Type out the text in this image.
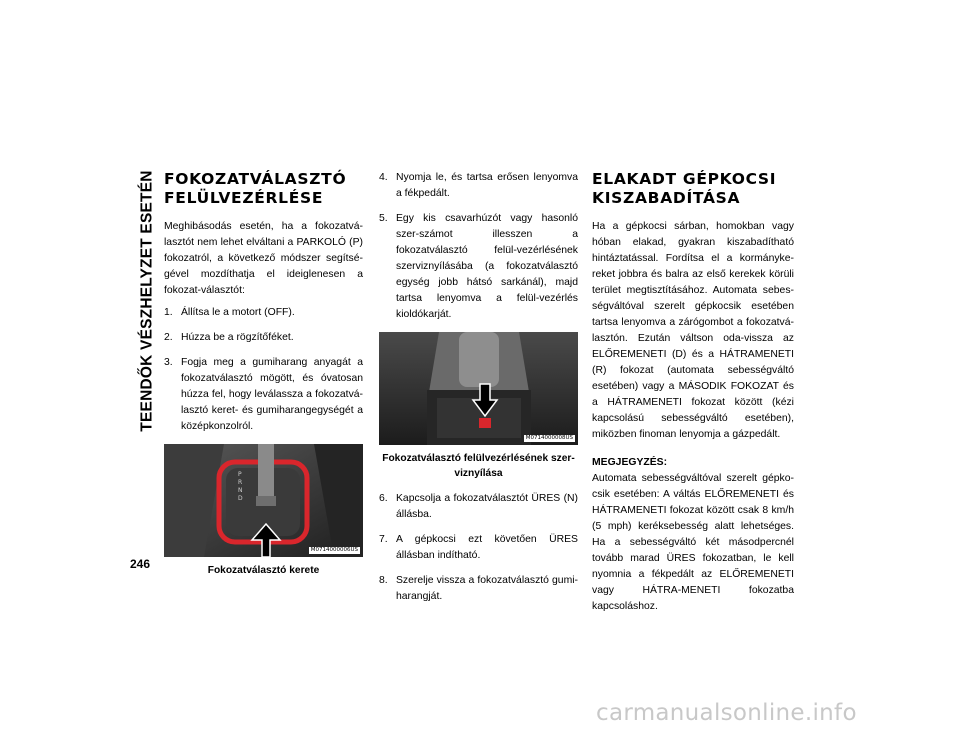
TEENDŐK VÉSZHELYZET ESETÉN
246
FOKOZATVÁLASZTÓ
FELÜLVEZÉRLÉSE

Meghibásodás esetén, ha a fokozatvá-lasztót nem lehet elváltani a PARKOLÓ (P) fokozatról, a következő módszer segítsé-gével mozdíthatja el ideiglenesen a fokozat-választót:

1. Állítsa le a motort (OFF).
2. Húzza be a rögzítőféket.
3. Fogja meg a gumiharang anyagát a fokozatválasztó mögött, és óvatosan húzza fel, hogy leválassza a fokozatvá-lasztó keret- és gumiharangegységét a középkonzolról.
P
R
N
D
M0714000006US
Fokozatválasztó kerete
4. Nyomja le, és tartsa erősen lenyomva a fékpedált.
5. Egy kis csavarhúzót vagy hasonló szer-számot illesszen a fokozatválasztó felül-vezérlésének szerviznyílásába (a fokozatválasztó egység jobb hátsó sarkánál), majd tartsa lenyomva a felül-vezérlés kioldókarját.
M0714000008US
Fokozatválasztó felülvezérlésének szer-viznyílása
6. Kapcsolja a fokozatválasztót ÜRES (N) állásba.
7. A gépkocsi ezt követően ÜRES állásban indítható.
8. Szerelje vissza a fokozatválasztó gumi-harangját.
ELAKADT GÉPKOCSI
KISZABADÍTÁSA

Ha a gépkocsi sárban, homokban vagy hóban elakad, gyakran kiszabadítható hintáztatással. Fordítsa el a kormányke-reket jobbra és balra az első kerekek körüli terület megtisztításához. Automata sebes-ségváltóval szerelt gépkocsik esetében tartsa lenyomva a zárógombot a fokozatvá-lasztón. Ezután váltson oda-vissza az ELŐREMENETI (D) és a HÁTRAMENETI (R) fokozat (automata sebességváltó esetében) vagy a MÁSODIK FOKOZAT és a HÁTRAMENETI fokozat között (kézi kapcsolású sebességváltó esetében), miközben finoman lenyomja a gázpedált.

MEGJEGYZÉS:

Automata sebességváltóval szerelt gépko-csik esetében: A váltás ELŐREMENETI és HÁTRAMENETI fokozat között csak 8 km/h (5 mph) keréksebesség alatt lehetséges. Ha a sebességváltó két másodpercnél tovább marad ÜRES fokozatban, le kell nyomnia a fékpedált az ELŐREMENETI vagy HÁTRA-MENETI fokozatba kapcsoláshoz.

carmanualsonline.info
